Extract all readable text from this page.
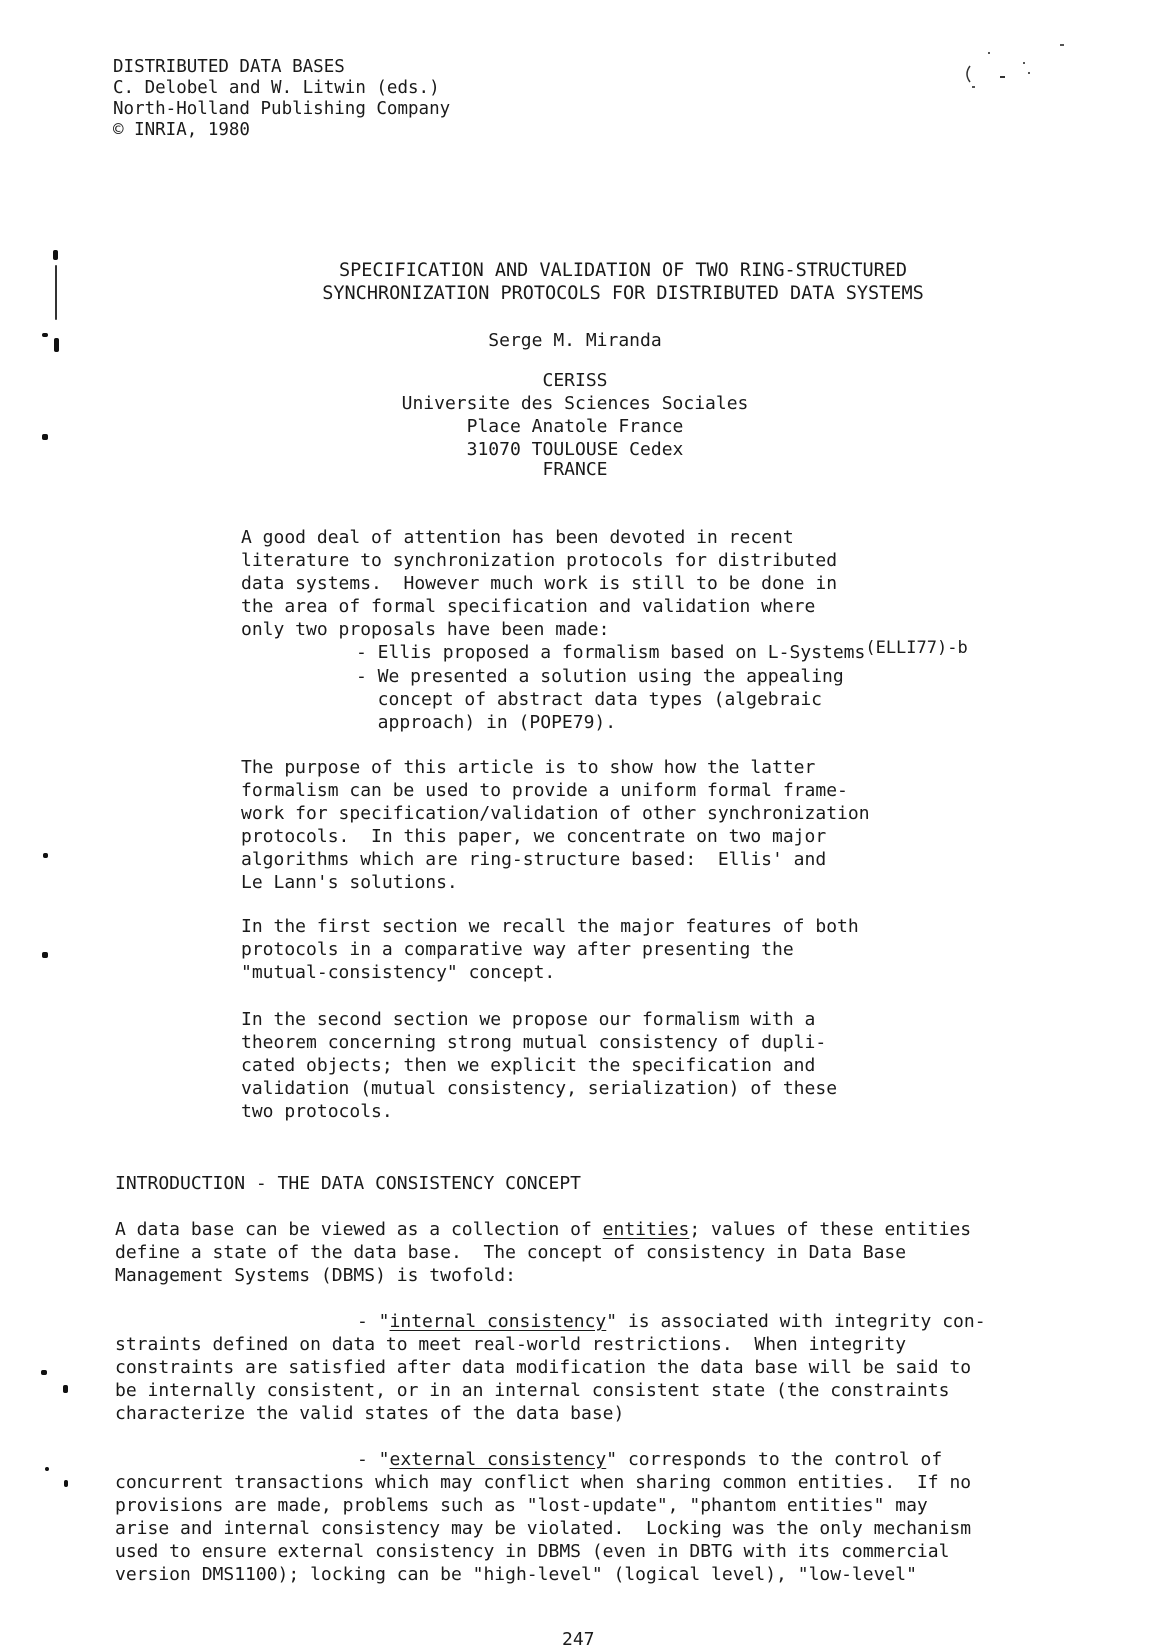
DISTRIBUTED DATA BASES
C. Delobel and W. Litwin (eds.)
North-Holland Publishing Company
© INRIA, 1980
SPECIFICATION AND VALIDATION OF TWO RING-STRUCTURED
SYNCHRONIZATION PROTOCOLS FOR DISTRIBUTED DATA SYSTEMS
Serge M. Miranda
CERISS
Universite des Sciences Sociales
Place Anatole France
31070 TOULOUSE Cedex
FRANCE
A good deal of attention has been devoted in recent
literature to synchronization protocols for distributed
data systems.  However much work is still to be done in
the area of formal specification and validation where
only two proposals have been made:
- Ellis proposed a formalism based on L-Systems(ELLI77)-b
- We presented a solution using the appealing
concept of abstract data types (algebraic
approach) in (POPE79).
The purpose of this article is to show how the latter
formalism can be used to provide a uniform formal frame-
work for specification/validation of other synchronization
protocols.  In this paper, we concentrate on two major
algorithms which are ring-structure based:  Ellis' and
Le Lann's solutions.
In the first section we recall the major features of both
protocols in a comparative way after presenting the
"mutual-consistency" concept.
In the second section we propose our formalism with a
theorem concerning strong mutual consistency of dupli-
cated objects; then we explicit the specification and
validation (mutual consistency, serialization) of these
two protocols.
INTRODUCTION - THE DATA CONSISTENCY CONCEPT
A data base can be viewed as a collection of entities; values of these entities
define a state of the data base.  The concept of consistency in Data Base
Management Systems (DBMS) is twofold:
- "internal consistency" is associated with integrity con-
straints defined on data to meet real-world restrictions.  When integrity
constraints are satisfied after data modification the data base will be said to
be internally consistent, or in an internal consistent state (the constraints
characterize the valid states of the data base)
- "external consistency" corresponds to the control of
concurrent transactions which may conflict when sharing common entities.  If no
provisions are made, problems such as "lost-update", "phantom entities" may
arise and internal consistency may be violated.  Locking was the only mechanism
used to ensure external consistency in DBMS (even in DBTG with its commercial
version DMS1100); locking can be "high-level" (logical level), "low-level"
247
